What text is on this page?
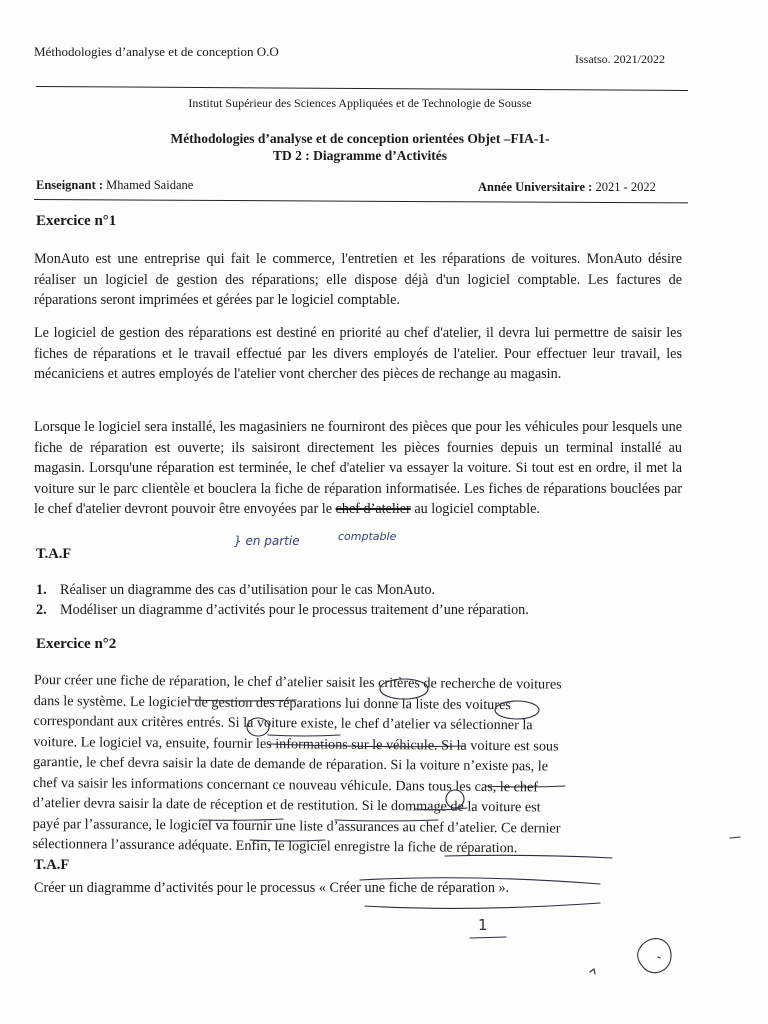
Méthodologies d’analyse et de conception O.O	Issatso. 2021/2022
Institut Supérieur des Sciences Appliquées et de Technologie de Sousse
Méthodologies d’analyse et de conception orientées Objet –FIA-1-
TD 2 : Diagramme d’Activités
Enseignant : Mhamed Saidane	Année Universitaire : 2021 - 2022
Exercice n°1
MonAuto est une entreprise qui fait le commerce, l'entretien et les réparations de voitures. MonAuto désire réaliser un logiciel de gestion des réparations; elle dispose déjà d'un logiciel comptable. Les factures de réparations seront imprimées et gérées par le logiciel comptable.
Le logiciel de gestion des réparations est destiné en priorité au chef d'atelier, il devra lui permettre de saisir les fiches de réparations et le travail effectué par les divers employés de l'atelier. Pour effectuer leur travail, les mécaniciens et autres employés de l'atelier vont chercher des pièces de rechange au magasin.
Lorsque le logiciel sera installé, les magasiniers ne fourniront des pièces que pour les véhicules pour lesquels une fiche de réparation est ouverte; ils saisiront directement les pièces fournies depuis un terminal installé au magasin. Lorsqu'une réparation est terminée, le chef d'atelier va essayer la voiture. Si tout est en ordre, il met la voiture sur le parc clientèle et bouclera la fiche de réparation informatisée. Les fiches de réparations bouclées par le chef d'atelier devront pouvoir être envoyées par le chef d’atelier au logiciel comptable.
} en partie	comptable
T.A.F
1. Réaliser un diagramme des cas d’utilisation pour le cas MonAuto.
2. Modéliser un diagramme d’activités pour le processus traitement d’une réparation.
Exercice n°2
Pour créer une fiche de réparation, le chef d’atelier saisit les critères de recherche de voitures
dans le système. Le logiciel de gestion des réparations lui donne la liste des voitures
correspondant aux critères entrés. Si la voiture existe, le chef d’atelier va sélectionner la
voiture. Le logiciel va, ensuite, fournir les informations sur le véhicule. Si la voiture est sous
garantie, le chef devra saisir la date de demande de réparation. Si la voiture n’existe pas, le
chef va saisir les informations concernant ce nouveau véhicule. Dans tous les cas, le chef
d’atelier devra saisir la date de réception et de restitution. Si le dommage de la voiture est
payé par l’assurance, le logiciel va fournir une liste d’assurances au chef d’atelier. Ce dernier
sélectionnera l’assurance adéquate. Enfin, le logiciel enregistre la fiche de réparation.
T.A.F
Créer un diagramme d’activités pour le processus « Créer une fiche de réparation ».
1
